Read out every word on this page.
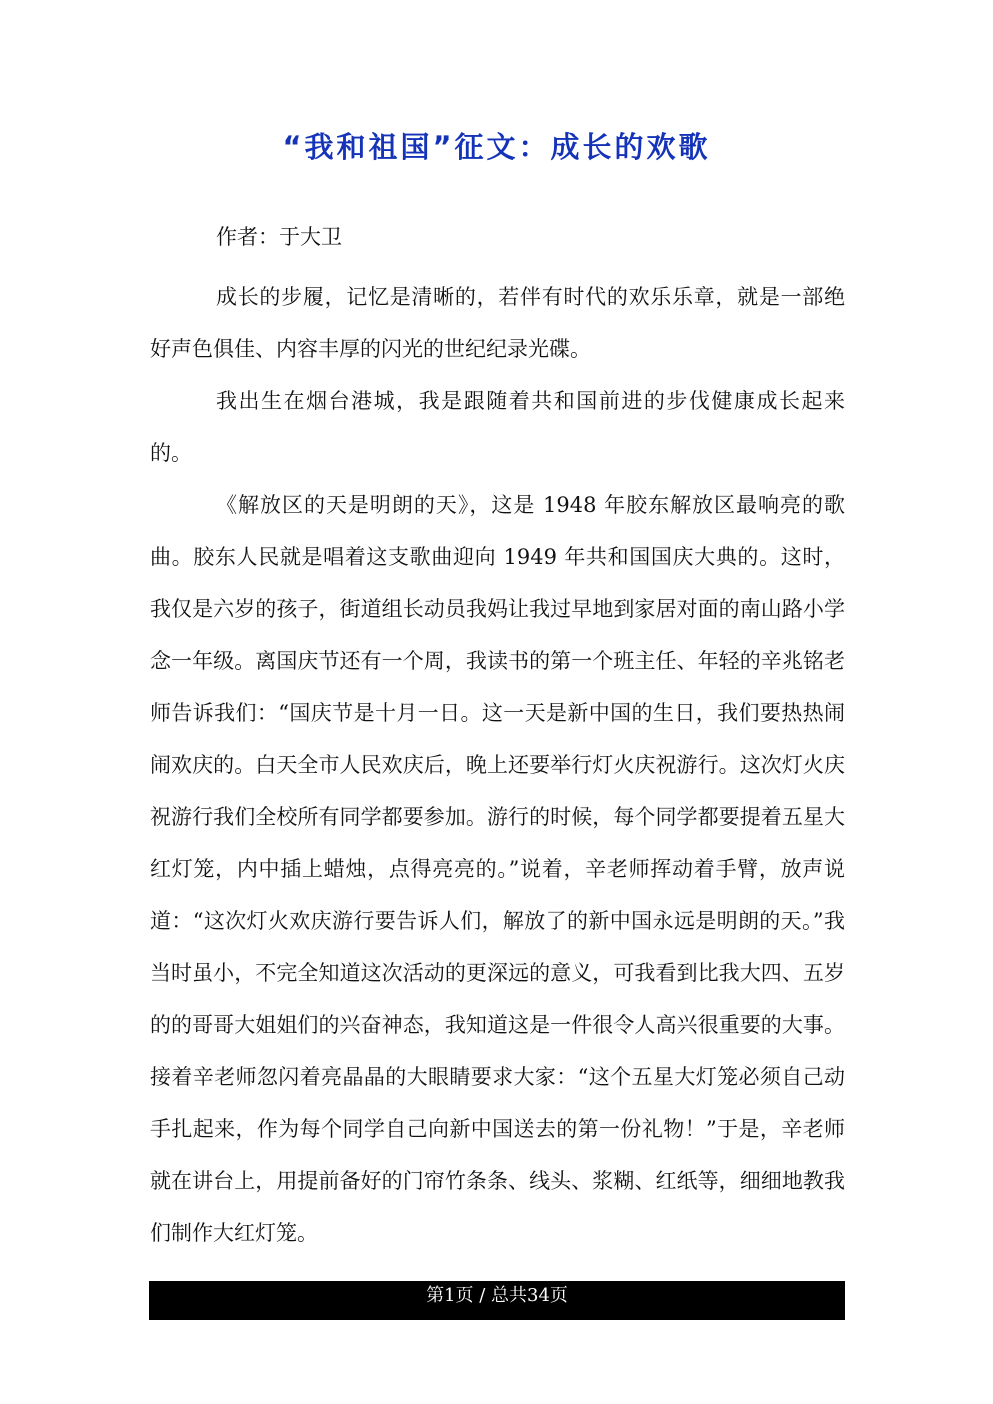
“我和祖国”征文：成长的欢歌
作者：于大卫

成长的步履，记忆是清晰的，若伴有时代的欢乐乐章，就是一部绝好声色俱佳、内容丰厚的闪光的世纪纪录光碟。

我出生在烟台港城，我是跟随着共和国前进的步伐健康成长起来的。

《解放区的天是明朗的天》，这是 1948 年胶东解放区最响亮的歌曲。胶东人民就是唱着这支歌曲迎向 1949 年共和国国庆大典的。这时，我仅是六岁的孩子，街道组长动员我妈让我过早地到家居对面的南山路小学念一年级。离国庆节还有一个周，我读书的第一个班主任、年轻的辛兆铭老师告诉我们：“国庆节是十月一日。这一天是新中国的生日，我们要热热闹闹欢庆的。白天全市人民欢庆后，晚上还要举行灯火庆祝游行。这次灯火庆祝游行我们全校所有同学都要参加。游行的时候，每个同学都要提着五星大红灯笼，内中插上蜡烛，点得亮亮的。”说着，辛老师挥动着手臂，放声说道：“这次灯火欢庆游行要告诉人们，解放了的新中国永远是明朗的天。”我当时虽小，不完全知道这次活动的更深远的意义，可我看到比我大四、五岁的的哥哥大姐姐们的兴奋神态，我知道这是一件很令人高兴很重要的大事。接着辛老师忽闪着亮晶晶的大眼睛要求大家：“这个五星大灯笼必须自己动手扎起来，作为每个同学自己向新中国送去的第一份礼物！”于是，辛老师就在讲台上，用提前备好的门帘竹条条、线头、浆糊、红纸等，细细地教我们制作大红灯笼。

第1页 / 总共34页
